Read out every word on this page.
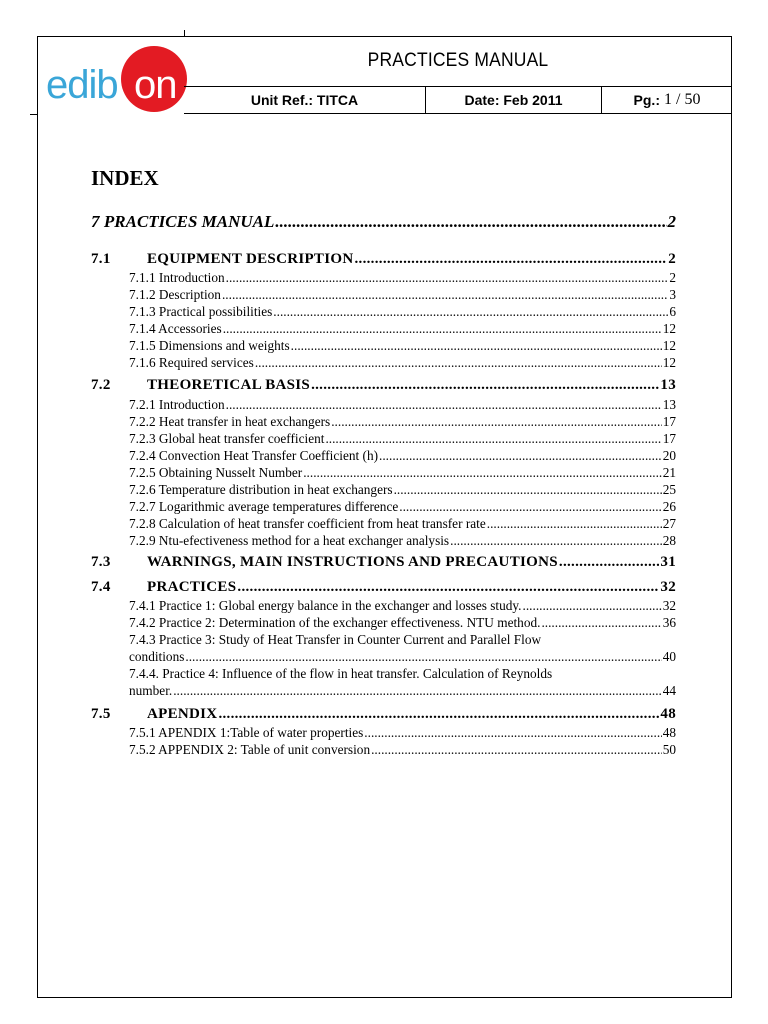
edib on
PRACTICES MANUAL
Unit Ref.: TITCA	Date: Feb 2011	Pg.: 1 / 50
INDEX
7 PRACTICES MANUAL .....	2
7.1	EQUIPMENT DESCRIPTION .....	2
7.1.1 Introduction .....	2
7.1.2 Description .....	3
7.1.3 Practical possibilities .....	6
7.1.4 Accessories .....	12
7.1.5 Dimensions and weights .....	12
7.1.6 Required services .....	12
7.2	THEORETICAL BASIS .....	13
7.2.1 Introduction .....	13
7.2.2 Heat transfer in heat exchangers .....	17
7.2.3 Global heat transfer coefficient .....	17
7.2.4 Convection Heat Transfer Coefficient (h) .....	20
7.2.5 Obtaining Nusselt Number .....	21
7.2.6 Temperature distribution in heat exchangers .....	25
7.2.7 Logarithmic average temperatures difference .....	26
7.2.8 Calculation of heat transfer coefficient from heat transfer rate .....	27
7.2.9 Ntu-efectiveness method for a heat exchanger analysis .....	28
7.3	WARNINGS, MAIN INSTRUCTIONS AND PRECAUTIONS .....	31
7.4	PRACTICES .....	32
7.4.1 Practice 1: Global energy balance in the exchanger and losses study. .....	32
7.4.2 Practice 2: Determination of the exchanger effectiveness. NTU method. .....	36
7.4.3 Practice 3: Study of Heat Transfer in Counter Current and Parallel Flow
conditions .....	40
7.4.4. Practice 4: Influence of the flow in heat transfer. Calculation of Reynolds
number. .....	44
7.5	APENDIX .....	48
7.5.1 APENDIX 1:Table of water properties .....	48
7.5.2 APPENDIX 2: Table of unit conversion .....	50
